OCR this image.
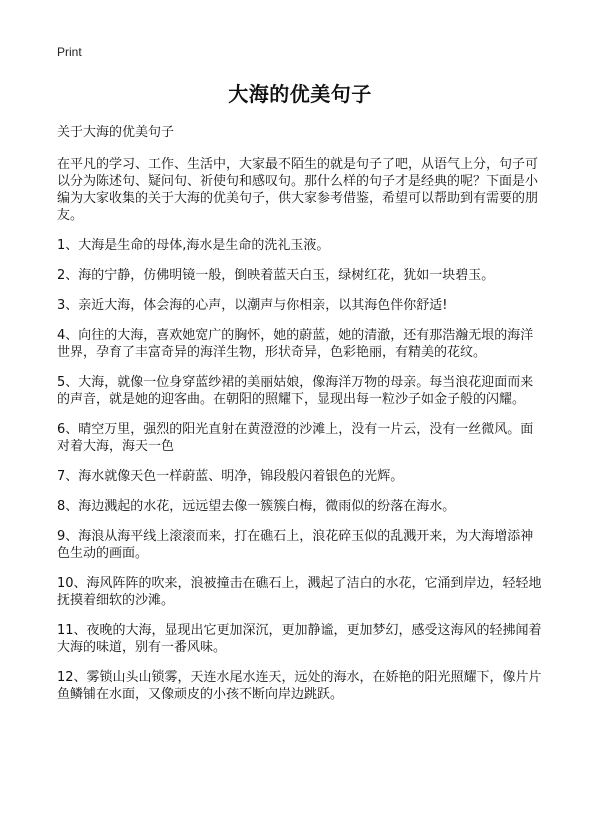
Print
大海的优美句子
关于大海的优美句子
在平凡的学习、工作、生活中，大家最不陌生的就是句子了吧，从语气上分，句子可以分为陈述句、疑问句、祈使句和感叹句。那什么样的句子才是经典的呢？下面是小编为大家收集的关于大海的优美句子，供大家参考借鉴，希望可以帮助到有需要的朋友。
1、大海是生命的母体,海水是生命的洗礼玉液。
2、海的宁静，仿佛明镜一般，倒映着蓝天白玉，绿树红花，犹如一块碧玉。
3、亲近大海，体会海的心声，以潮声与你相亲，以其海色伴你舒适!
4、向往的大海，喜欢她宽广的胸怀，她的蔚蓝，她的清澈，还有那浩瀚无垠的海洋世界，孕育了丰富奇异的海洋生物，形状奇异，色彩艳丽，有精美的花纹。
5、大海，就像一位身穿蓝纱裙的美丽姑娘，像海洋万物的母亲。每当浪花迎面而来的声音，就是她的迎客曲。在朝阳的照耀下，显现出每一粒沙子如金子般的闪耀。
6、晴空万里，强烈的阳光直射在黄澄澄的沙滩上，没有一片云，没有一丝微风。面对着大海，海天一色
7、海水就像天色一样蔚蓝、明净，锦段般闪着银色的光辉。
8、海边溅起的水花，远远望去像一簇簇白梅，微雨似的纷落在海水。
9、海浪从海平线上滚滚而来，打在礁石上，浪花碎玉似的乱溅开来，为大海增添神色生动的画面。
10、海风阵阵的吹来，浪被撞击在礁石上，溅起了洁白的水花，它涌到岸边，轻轻地抚摸着细软的沙滩。
11、夜晚的大海，显现出它更加深沉，更加静谧，更加梦幻，感受这海风的轻拂闻着大海的味道，别有一番风味。
12、雾锁山头山锁雾，天连水尾水连天，远处的海水，在娇艳的阳光照耀下，像片片鱼鳞铺在水面，又像顽皮的小孩不断向岸边跳跃。
